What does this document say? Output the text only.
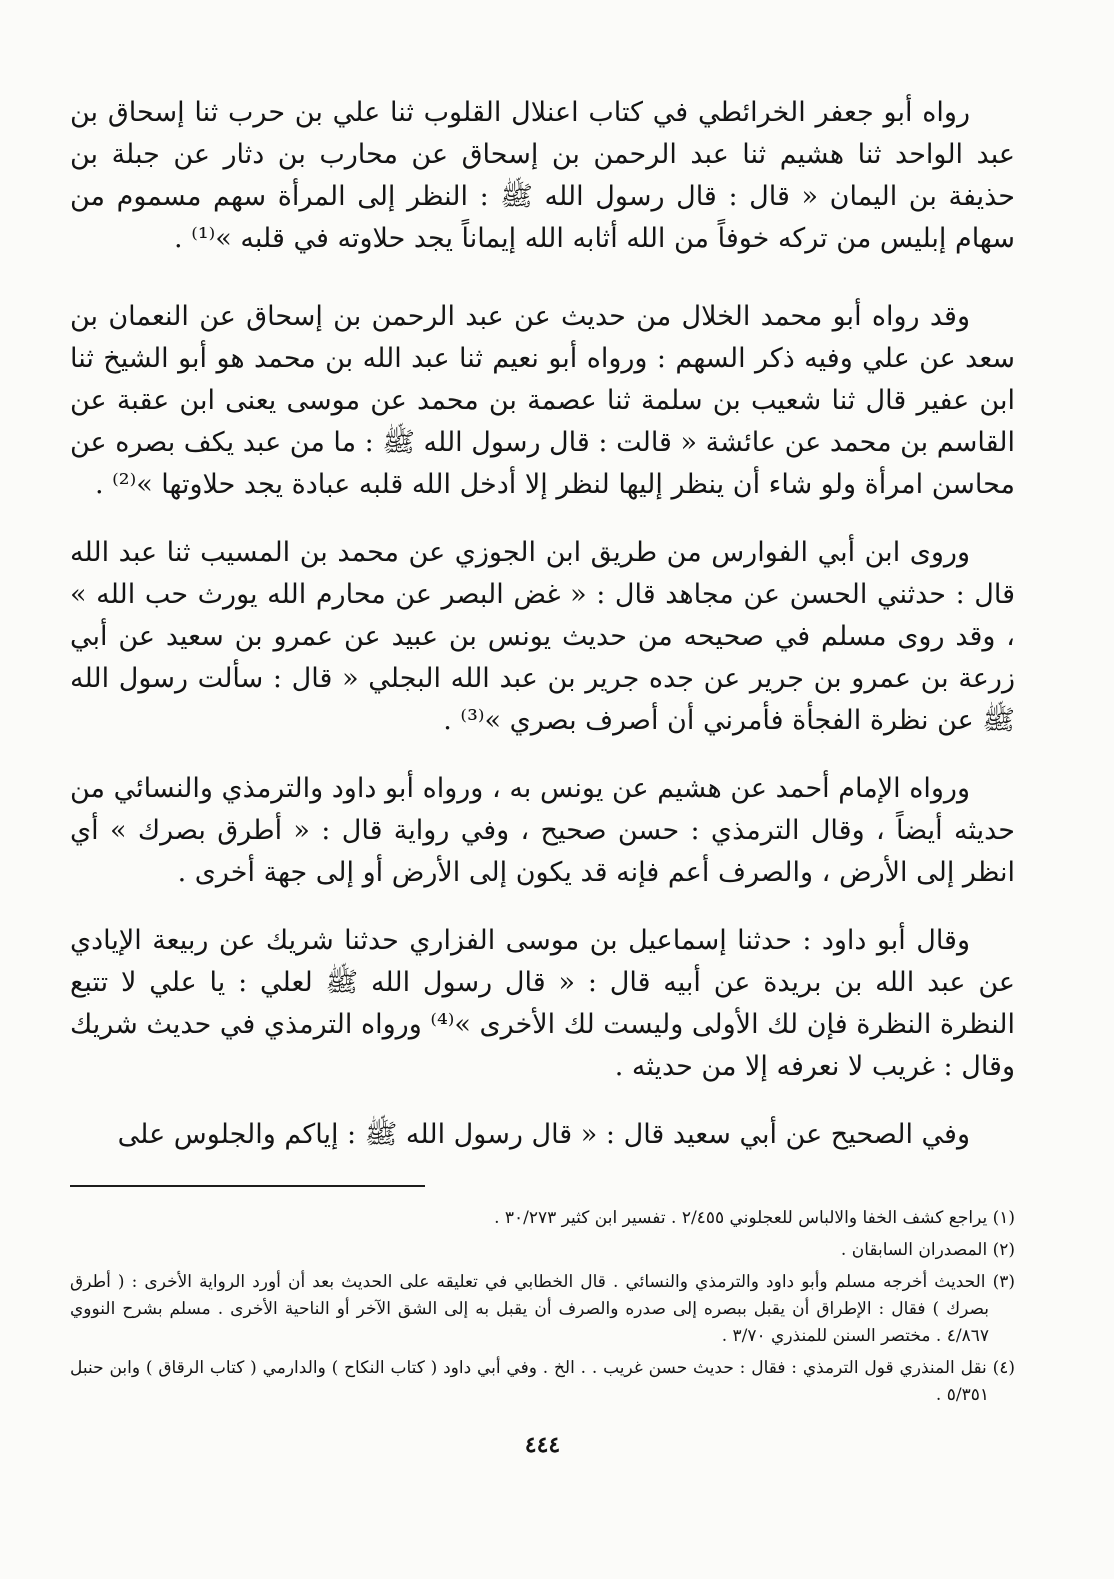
رواه أبو جعفر الخرائطي في كتاب اعنلال القلوب ثنا علي بن حرب ثنا إسحاق بن عبد الواحد ثنا هشيم ثنا عبد الرحمن بن إسحاق عن محارب بن دثار عن جبلة بن حذيفة بن اليمان « قال : قال رسول الله ﷺ : النظر إلى المرأة سهم مسموم من سهام إبليس من تركه خوفاً من الله أثابه الله إيماناً يجد حلاوته في قلبه »⁽¹⁾ .

وقد رواه أبو محمد الخلال من حديث عن عبد الرحمن بن إسحاق عن النعمان بن سعد عن علي وفيه ذكر السهم : ورواه أبو نعيم ثنا عبد الله بن محمد هو أبو الشيخ ثنا ابن عفير قال ثنا شعيب بن سلمة ثنا عصمة بن محمد عن موسى يعنى ابن عقبة عن القاسم بن محمد عن عائشة « قالت : قال رسول الله ﷺ : ما من عبد يكف بصره عن محاسن امرأة ولو شاء أن ينظر إليها لنظر إلا أدخل الله قلبه عبادة يجد حلاوتها »⁽²⁾ .

وروى ابن أبي الفوارس من طريق ابن الجوزي عن محمد بن المسيب ثنا عبد الله قال : حدثني الحسن عن مجاهد قال : « غض البصر عن محارم الله يورث حب الله » ، وقد روى مسلم في صحيحه من حديث يونس بن عبيد عن عمرو بن سعيد عن أبي زرعة بن عمرو بن جرير عن جده جرير بن عبد الله البجلي « قال : سألت رسول الله ﷺ عن نظرة الفجأة فأمرني أن أصرف بصري »⁽³⁾ .

ورواه الإمام أحمد عن هشيم عن يونس به ، ورواه أبو داود والترمذي والنسائي من حديثه أيضاً ، وقال الترمذي : حسن صحيح ، وفي رواية قال : « أطرق بصرك » أي انظر إلى الأرض ، والصرف أعم فإنه قد يكون إلى الأرض أو إلى جهة أخرى .

وقال أبو داود : حدثنا إسماعيل بن موسى الفزاري حدثنا شريك عن ربيعة الإيادي عن عبد الله بن بريدة عن أبيه قال : « قال رسول الله ﷺ لعلي : يا علي لا تتبع النظرة النظرة فإن لك الأولى وليست لك الأخرى »⁽⁴⁾ ورواه الترمذي في حديث شريك وقال : غريب لا نعرفه إلا من حديثه .

وفي الصحيح عن أبي سعيد قال : « قال رسول الله ﷺ : إياكم والجلوس على

(١) يراجع كشف الخفا والالباس للعجلوني ٢/٤٥٥ . تفسير ابن كثير ٣٠/٢٧٣ .

(٢) المصدران السابقان .

(٣) الحديث أخرجه مسلم وأبو داود والترمذي والنسائي . قال الخطابي في تعليقه على الحديث بعد أن أورد الرواية الأخرى : ( أطرق بصرك ) فقال : الإطراق أن يقبل ببصره إلى صدره والصرف أن يقبل به إلى الشق الآخر أو الناحية الأخرى . مسلم بشرح النووي ٤/٨٦٧ . مختصر السنن للمنذري ٣/٧٠ .

(٤) نقل المنذري قول الترمذي : فقال : حديث حسن غريب . . الخ . وفي أبي داود ( كتاب النكاح ) والدارمي ( كتاب الرقاق ) وابن حنبل ٥/٣٥١ .

٤٤٤
